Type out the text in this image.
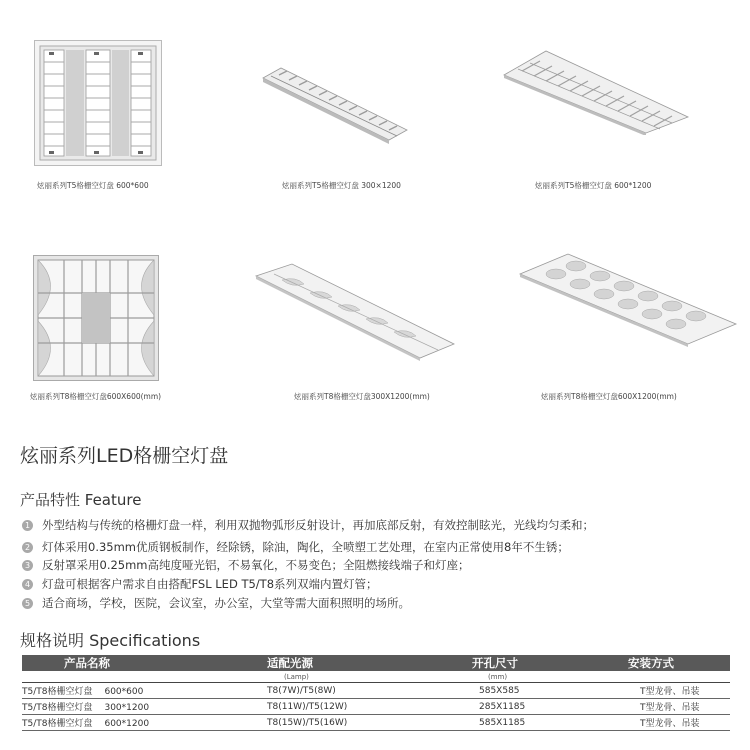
炫丽系列T5格栅空灯盘 600*600	炫丽系列T5格栅空灯盘 300×1200	炫丽系列T5格栅空灯盘 600*1200
炫丽系列T8格栅空灯盘600X600(mm)	炫丽系列T8格栅空灯盘300X1200(mm)	炫丽系列T8格栅空灯盘600X1200(mm)
炫丽系列LED格栅空灯盘
产品特性 Feature
1 外型结构与传统的格栅灯盘一样，利用双抛物弧形反射设计，再加底部反射，有效控制眩光，光线均匀柔和；
2 灯体采用0.35mm优质钢板制作，经除锈，除油，陶化，全喷塑工艺处理，在室内正常使用8年不生锈；
3 反射罩采用0.25mm高纯度哑光铝，不易氧化，不易变色；全阻燃接线端子和灯座；
4 灯盘可根据客户需求自由搭配FSL LED T5/T8系列双端内置灯管；
5 适合商场，学校，医院，会议室，办公室，大堂等需大面积照明的场所。
规格说明 Specifications
产品名称	适配光源	开孔尺寸	安装方式
	(Lamp)	(mm)	
T5/T8格栅空灯盘 600*600	T8(7W)/T5(8W)	585X585	T型龙骨、吊装
T5/T8格栅空灯盘 300*1200	T8(11W)/T5(12W)	285X1185	T型龙骨、吊装
T5/T8格栅空灯盘 600*1200	T8(15W)/T5(16W)	585X1185	T型龙骨、吊装
